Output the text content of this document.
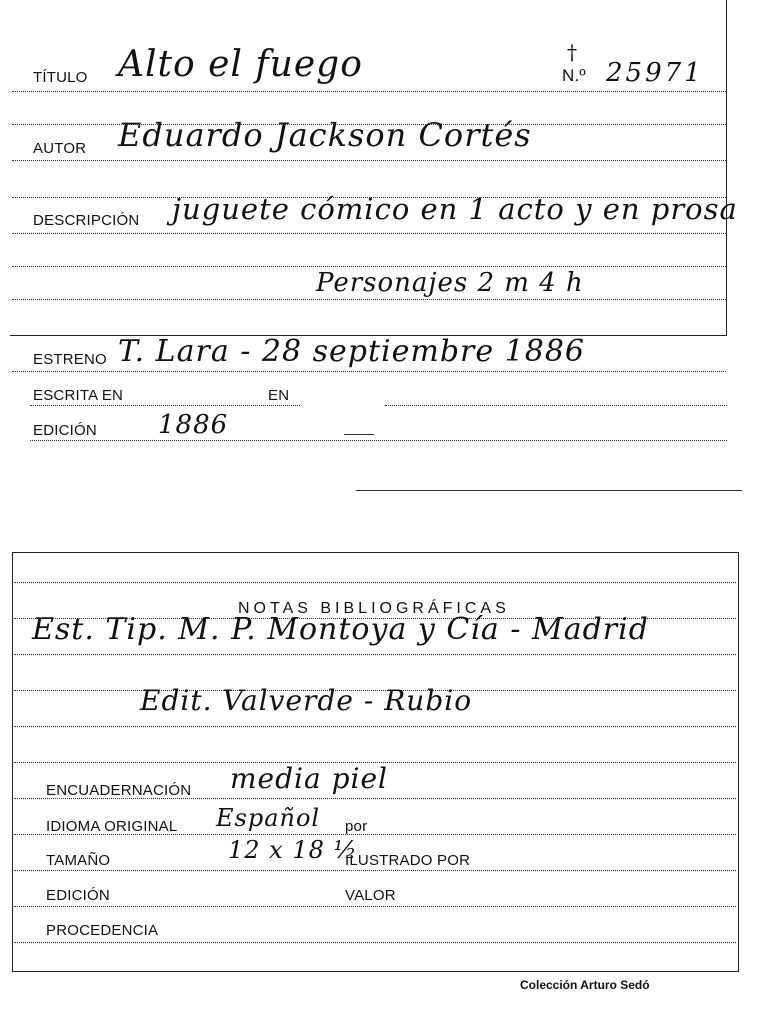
TÍTULO Alto el fuego	N.º 25971
†
AUTOR Eduardo Jackson Cortés
DESCRIPCIÓN juguete cómico en 1 acto y en prosa
Personajes 2 m 4 h
ESTRENO T. Lara - 28 septiembre 1886
ESCRITA EN	EN
EDICIÓN 1886
NOTAS BIBLIOGRÁFICAS
Est. Tip. M. P. Montoya y Cía - Madrid
Edit. Valverde - Rubio
ENCUADERNACIÓN media piel
IDIOMA ORIGINAL Español por
TAMAÑO	12 x 18 ½
ILUSTRADO POR
EDICIÓN	VALOR
PROCEDENCIA
Colección Arturo Sedó
